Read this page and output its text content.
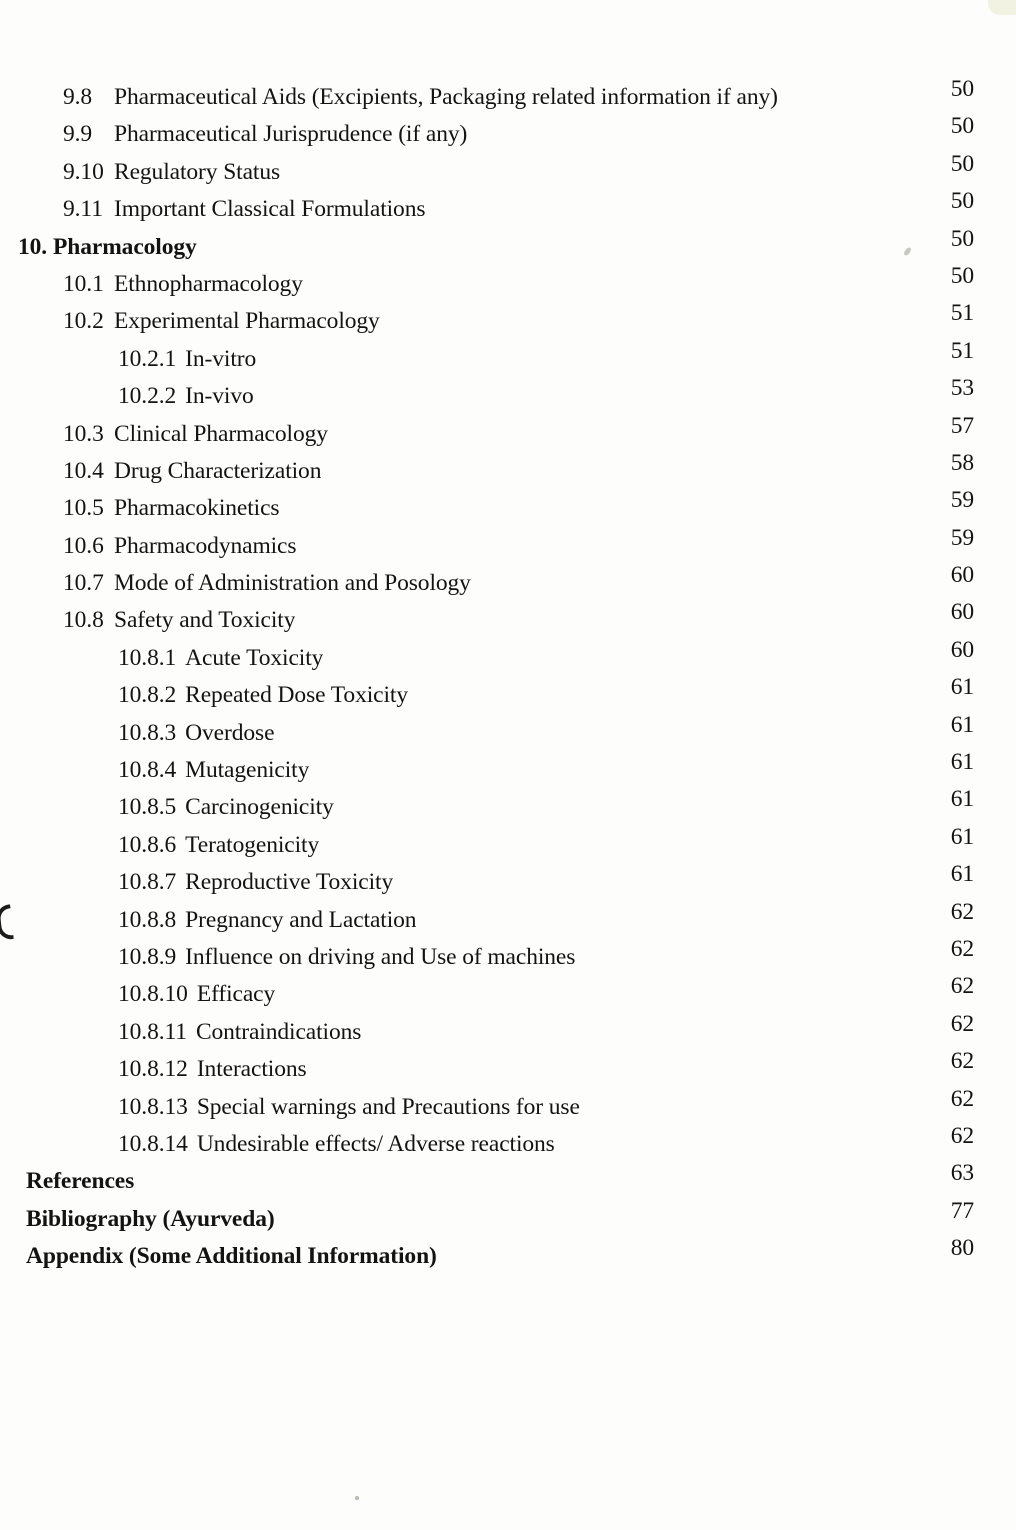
9.8 Pharmaceutical Aids (Excipients, Packaging related information if any)	50
9.9 Pharmaceutical Jurisprudence (if any)	50
9.10 Regulatory Status	50
9.11 Important Classical Formulations	50
10. Pharmacology	50
10.1 Ethnopharmacology	50
10.2 Experimental Pharmacology	51
10.2.1 In-vitro	51
10.2.2 In-vivo	53
10.3 Clinical Pharmacology	57
10.4 Drug Characterization	58
10.5 Pharmacokinetics	59
10.6 Pharmacodynamics	59
10.7 Mode of Administration and Posology	60
10.8 Safety and Toxicity	60
10.8.1 Acute Toxicity	60
10.8.2 Repeated Dose Toxicity	61
10.8.3 Overdose	61
10.8.4 Mutagenicity	61
10.8.5 Carcinogenicity	61
10.8.6 Teratogenicity	61
10.8.7 Reproductive Toxicity	61
10.8.8 Pregnancy and Lactation	62
10.8.9 Influence on driving and Use of machines	62
10.8.10 Efficacy	62
10.8.11 Contraindications	62
10.8.12 Interactions	62
10.8.13 Special warnings and Precautions for use	62
10.8.14 Undesirable effects/ Adverse reactions	62
References	63
Bibliography (Ayurveda)	77
Appendix (Some Additional Information)	80
